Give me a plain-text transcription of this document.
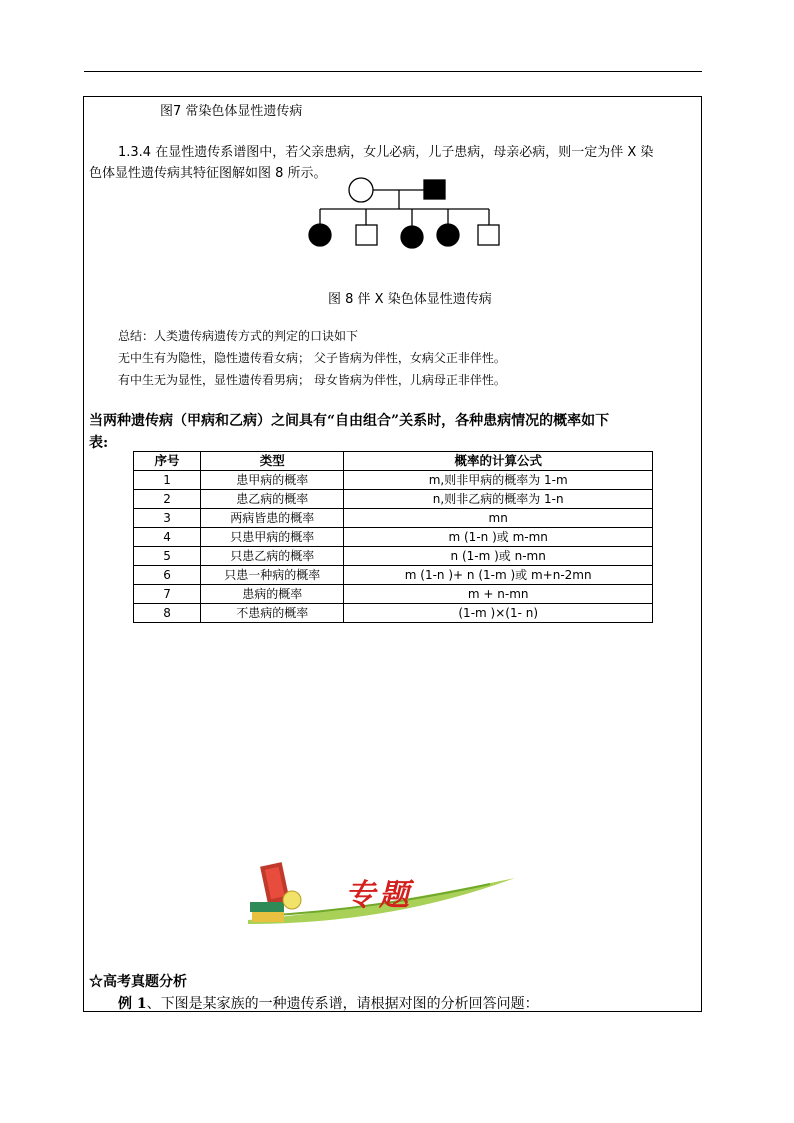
图7 常染色体显性遗传病
1.3.4 在显性遗传系谱图中，若父亲患病，女儿必病，儿子患病，母亲必病，则一定为伴 X 染
色体显性遗传病其特征图解如图 8 所示。
图 8 伴 X 染色体显性遗传病
总结：人类遗传病遗传方式的判定的口诀如下
无中生有为隐性，隐性遗传看女病； 父子皆病为伴性，女病父正非伴性。
有中生无为显性，显性遗传看男病； 母女皆病为伴性，儿病母正非伴性。
当两种遗传病（甲病和乙病）之间具有“自由组合”关系时，各种患病情况的概率如下
表:
序号	类型	概率的计算公式
1	患甲病的概率	m,则非甲病的概率为 1-m
2	患乙病的概率	n,则非乙病的概率为 1-n
3	两病皆患的概率	mn
4	只患甲病的概率	m (1-n )或 m-mn
5	只患乙病的概率	n (1-m )或 n-mn
6	只患一种病的概率	m (1-n )+ n (1-m )或 m+n-2mn
7	患病的概率	m + n-mn
8	不患病的概率	(1-m )×(1- n)
专题
☆高考真题分析
例 1、下图是某家族的一种遗传系谱，请根据对图的分析回答问题：
